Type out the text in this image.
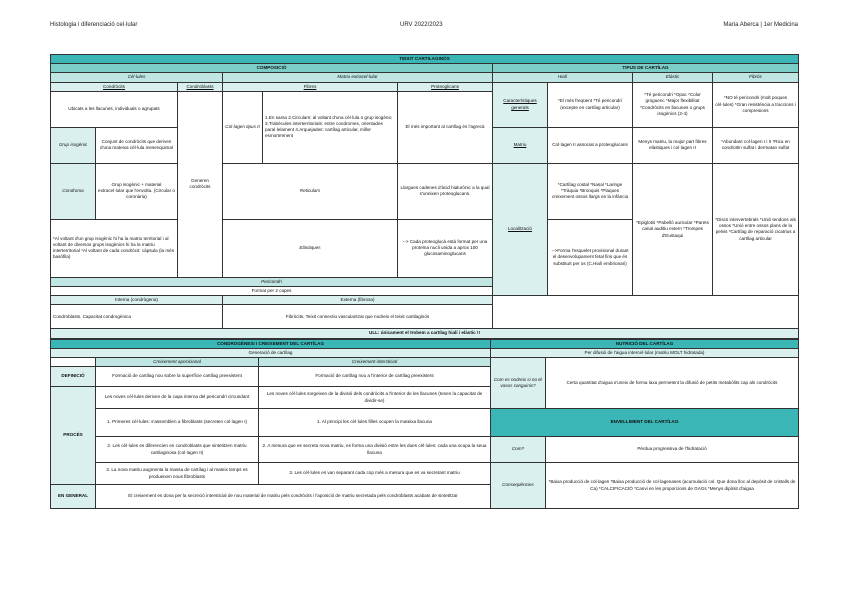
Histologia i diferenciació cel·lular	URV 2022/2023	Maria Aberca | 1er Medicina
TEIXIT CARTILAGINÓS									
COMPOSICIÓ						TIPUS DE CARTÍLAG			
Cèl·lules			Matriu extracel·lular			Hialí		Elàstic	Fibrós
Condròcits		Condroblasts	Fibres		Proteoglicans	Característiques generals	*El més freqüent *Té pericondri (excepte en cartílag articular)	*Té pericondri *Opac *Color groguenc *Major flexibilitat *Condròcits en llacunes o grups isogènics (2-4)	*NO té pericondri (molt poques cèl·lules) *Gran resistència a traccions i compresions
Ubicats a les llacunes, individuals o agrupats		Generen condròcits	Col·lagen tipus II	1.En sarsa 2.Circulars: al voltant d'una cèl·lula o grup isogènic 3.Trabècules interterritorials: entre condromes, orientades paral·lelament 4.Arquejades: cartílag articular, millor esmorteïment	El més important al cartílag és l'agrecà				
Grup isogènic	Conjunt de condròcits que deriven d'una mateixa cèl·lula mesenquimal					Matriu	Col·lagen II associat a proteoglucans	Menys matriu, la major part fibres elàstiques i col·lagen II	*Abundant col·lagen I i II *Rica en condroïtin sulfat i dermatan sulfat
Condroma	Grup isogènic + material extracel·lular que l'envolta. (Circular o coronària)		Reticulars		Llargues cadenes d'àcid hialurònic a la qual s'uneixen proteoglucans.	Localització	*Cartílag costal *Nasal *Laringe *Tràquia *Bronquis *Plaques creixement ossos llargs en la infància	*Epiglotis *Pabelló auricular *Parets canal auditiu extern *Trompes d'Eustaqui	*Discs intervertebrals *Unió tendons als ossos *Unió entre ossos plans de la pelvis *Cartílag de reparació cicatrius a cartílag articular
*Al voltant d'un grup isogènic hi ha la matriu territorial i al voltant de diversos grups isogènics hi ha la matriu interterritorial *Al voltant de cada condròcit: càpsula (la més basòfila)			Elàstiques		--> Cada proteoglucà està format per una proteïna nucli unida a aprox 100 glucosaminoglucans		-->Forma l'esquelet provisional durant el desenvolupament fetal fins que és substituït per os (C.Hialí embrionari)		
Pericondri									
Format per 2 capes									
Interna (condrògena)			Externa (fibrosa)						
Condroblasts. Capacitat condrogènica			Fibròcits. Teixit connectiu vascularitzat que nodreix el teixit cartilaginós						
ULL: únicament el trobem a cartílag hialí i elàstic !!									
CONDROGÈNESI I CREIXEMENT DEL CARTÍLAG			NUTRICIÓ DEL CARTÍLAG	
Generació de cartílag			Per difusió de l'aigua intercel·lular (matriu MOLT hidratada)	
	Creixement aposicional	Creixement intersticial	Com es nodreix si no té vasos sanguinis?	Certa quantitat d'aigua s'uneix de forma laxa permetent la difusió de petits metabòlits cap als condròcits
DEFINICIÓ	Formació de cartílag nou sobre la superfície cartílag preexistent	Formació de cartílag nou a l'interior de cartílag preexistent		
PROCÉS	Les noves cèl·lules deriven de la capa interna del pericondri circundant	Les noves cèl·lules sorgeixen de la divisió dels condròcits a l'interior de les llacunes (tenen la capacitat de dividir-se)		
	1. Primeres cèl·lules: s'assemblen a fibroblasts (secreten col·lagen I)	1. Al principi les cèl·lules filles ocupen la mateixa llacuna	ENVELLIMENT DEL CARTÍLAG	
	2. Les cèl·lules es diferencien en condroblasts que sintetitzen matriu cartilaginosa (col·lagen II)	2. A mesura que es secreta nova matriu, es forma una divisió entre les dues cèl·lules: cada una ocupa la seua llacuna	Com?	Pèrdua progressiva de l'hidratació
	3. La nova matriu augmenta la massa de cartílag i al mateix temps es produeixen nous fibroblasts	3. Les cèl·lules es van separant cada cop més a mesura que es va secretant matriu	Conseqüències	*Baixa producció de col·lagen *Baixa producció de col·lagenases (acumulació col. Que dona lloc al depòsit de cristalls de Ca) *CALCIFICACIÓ *Canvi en les proporcions de GAGs *Menys dipòsit d'aigua
EN GENERAL	El creixement es dona per la secreció intersticial de nou material de matriu pels condròcits i l'aposició de matriu secretada pels condroblasts acabats de sintetitzar			
